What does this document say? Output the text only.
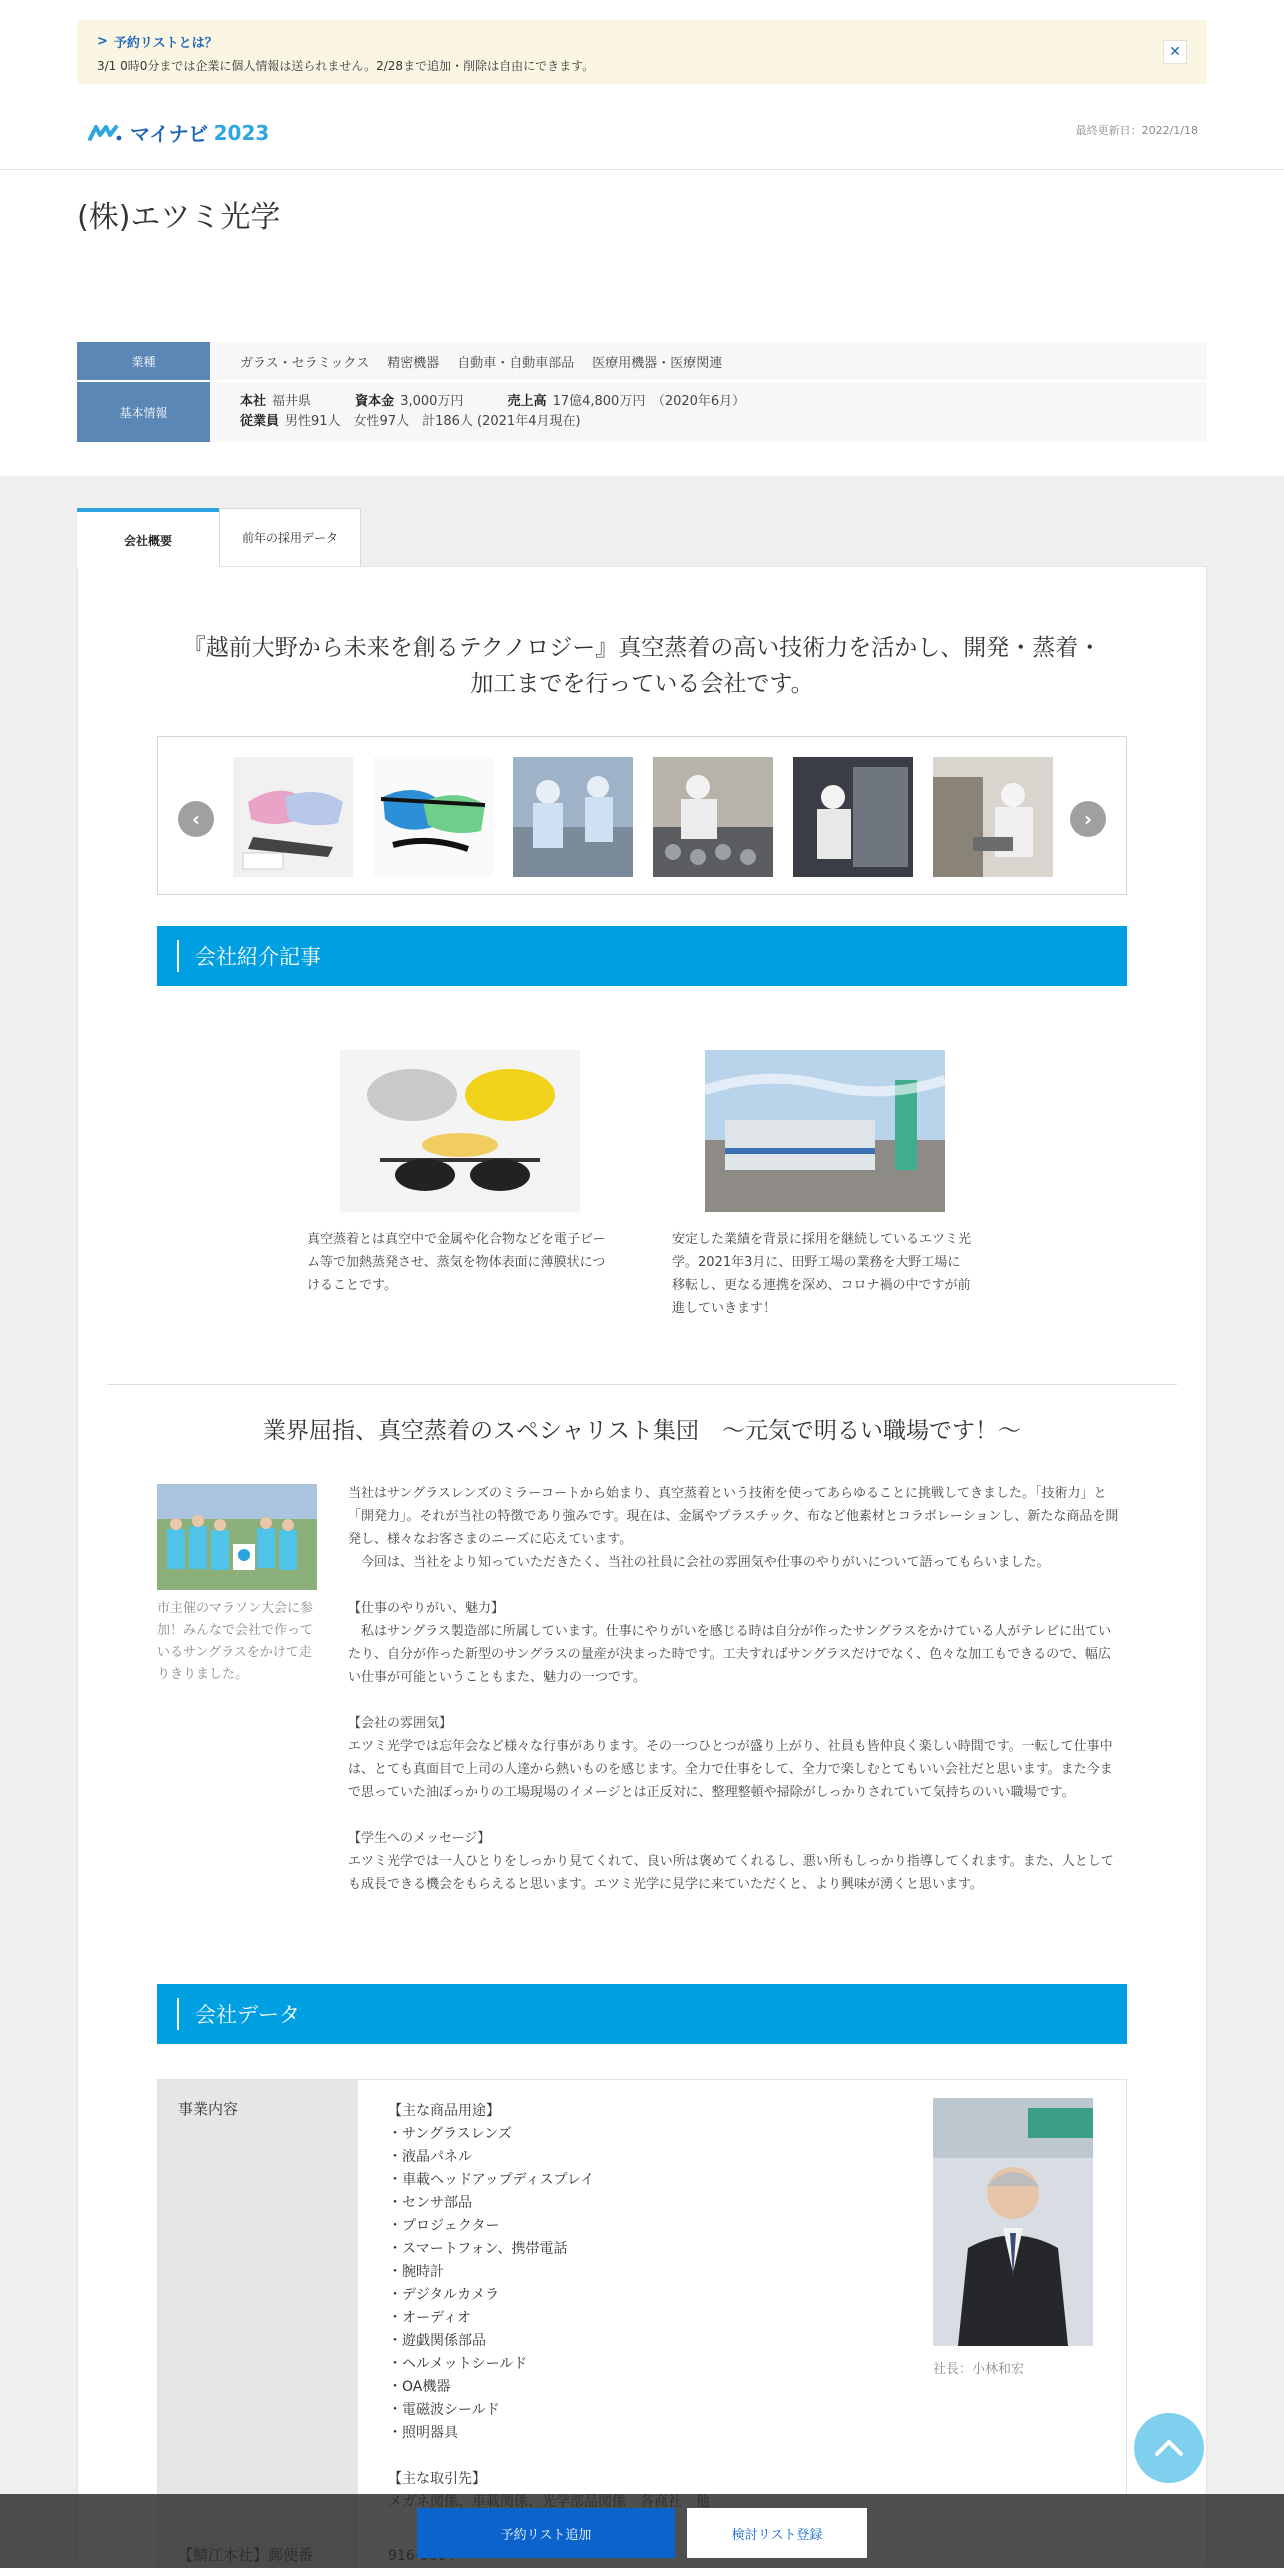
> 予約リストとは？
3/1 0時0分までは企業に個人情報は送られません。2/28まで追加・削除は自由にできます。
✕
マイナビ 2023	最終更新日：2022/1/18
(株)エツミ光学
業種	ガラス・セラミックス 精密機器 自動車・自動車部品 医療用機器・医療関連
基本情報
本社 福井県	資本金 3,000万円	売上高 17億4,800万円　（2020年6月）
従業員 男性91人　女性97人　計186人 (2021年4月現在)
会社概要	前年の採用データ
『越前大野から未来を創るテクノロジー』真空蒸着の高い技術力を活かし、開発・蒸着・加工までを行っている会社です。
‹	›
会社紹介記事
真空蒸着とは真空中で金属や化合物などを電子ビーム等で加熱蒸発させ、蒸気を物体表面に薄膜状につけることです。
安定した業績を背景に採用を継続しているエツミ光学。2021年3月に、田野工場の業務を大野工場に移転し、更なる連携を深め、コロナ禍の中ですが前進していきます！
業界屈指、真空蒸着のスペシャリスト集団　～元気で明るい職場です！～
市主催のマラソン大会に参加！みんなで会社で作っているサングラスをかけて走りきりました。

当社はサングラスレンズのミラーコートから始まり、真空蒸着という技術を使ってあらゆることに挑戦してきました。「技術力」と「開発力」。それが当社の特徴であり強みです。現在は、金属やプラスチック、布など他素材とコラボレーションし、新たな商品を開発し、様々なお客さまのニーズに応えています。
　今回は、当社をより知っていただきたく、当社の社員に会社の雰囲気や仕事のやりがいについて語ってもらいました。

【仕事のやりがい、魅力】
　私はサングラス製造部に所属しています。仕事にやりがいを感じる時は自分が作ったサングラスをかけている人がテレビに出ていたり、自分が作った新型のサングラスの量産が決まった時です。工夫すればサングラスだけでなく、色々な加工もできるので、幅広い仕事が可能ということもまた、魅力の一つです。

【会社の雰囲気】
エツミ光学では忘年会など様々な行事があります。その一つひとつが盛り上がり、社員も皆仲良く楽しい時間です。一転して仕事中は、とても真面目で上司の人達から熱いものを感じます。全力で仕事をして、全力で楽しむとてもいい会社だと思います。また今まで思っていた油ぽっかりの工場現場のイメージとは正反対に、整理整頓や掃除がしっかりされていて気持ちのいい職場です。

【学生へのメッセージ】
エツミ光学では一人ひとりをしっかり見てくれて、良い所は褒めてくれるし、悪い所もしっかり指導してくれます。また、人としても成長できる機会をもらえると思います。エツミ光学に見学に来ていただくと、より興味が湧くと思います。

会社データ
事業内容	【主な商品用途】
・サングラスレンズ
・液晶パネル
・車載ヘッドアップディスプレイ
・センサ部品
・プロジェクター
・スマートフォン、携帯電話
・腕時計
・デジタルカメラ
・オーディオ
・遊戯関係部品
・ヘルメットシールド
・OA機器
・電磁波シールド
・照明器具
【主な取引先】
社長：小林和宏
予約リスト追加	検討リスト登録
